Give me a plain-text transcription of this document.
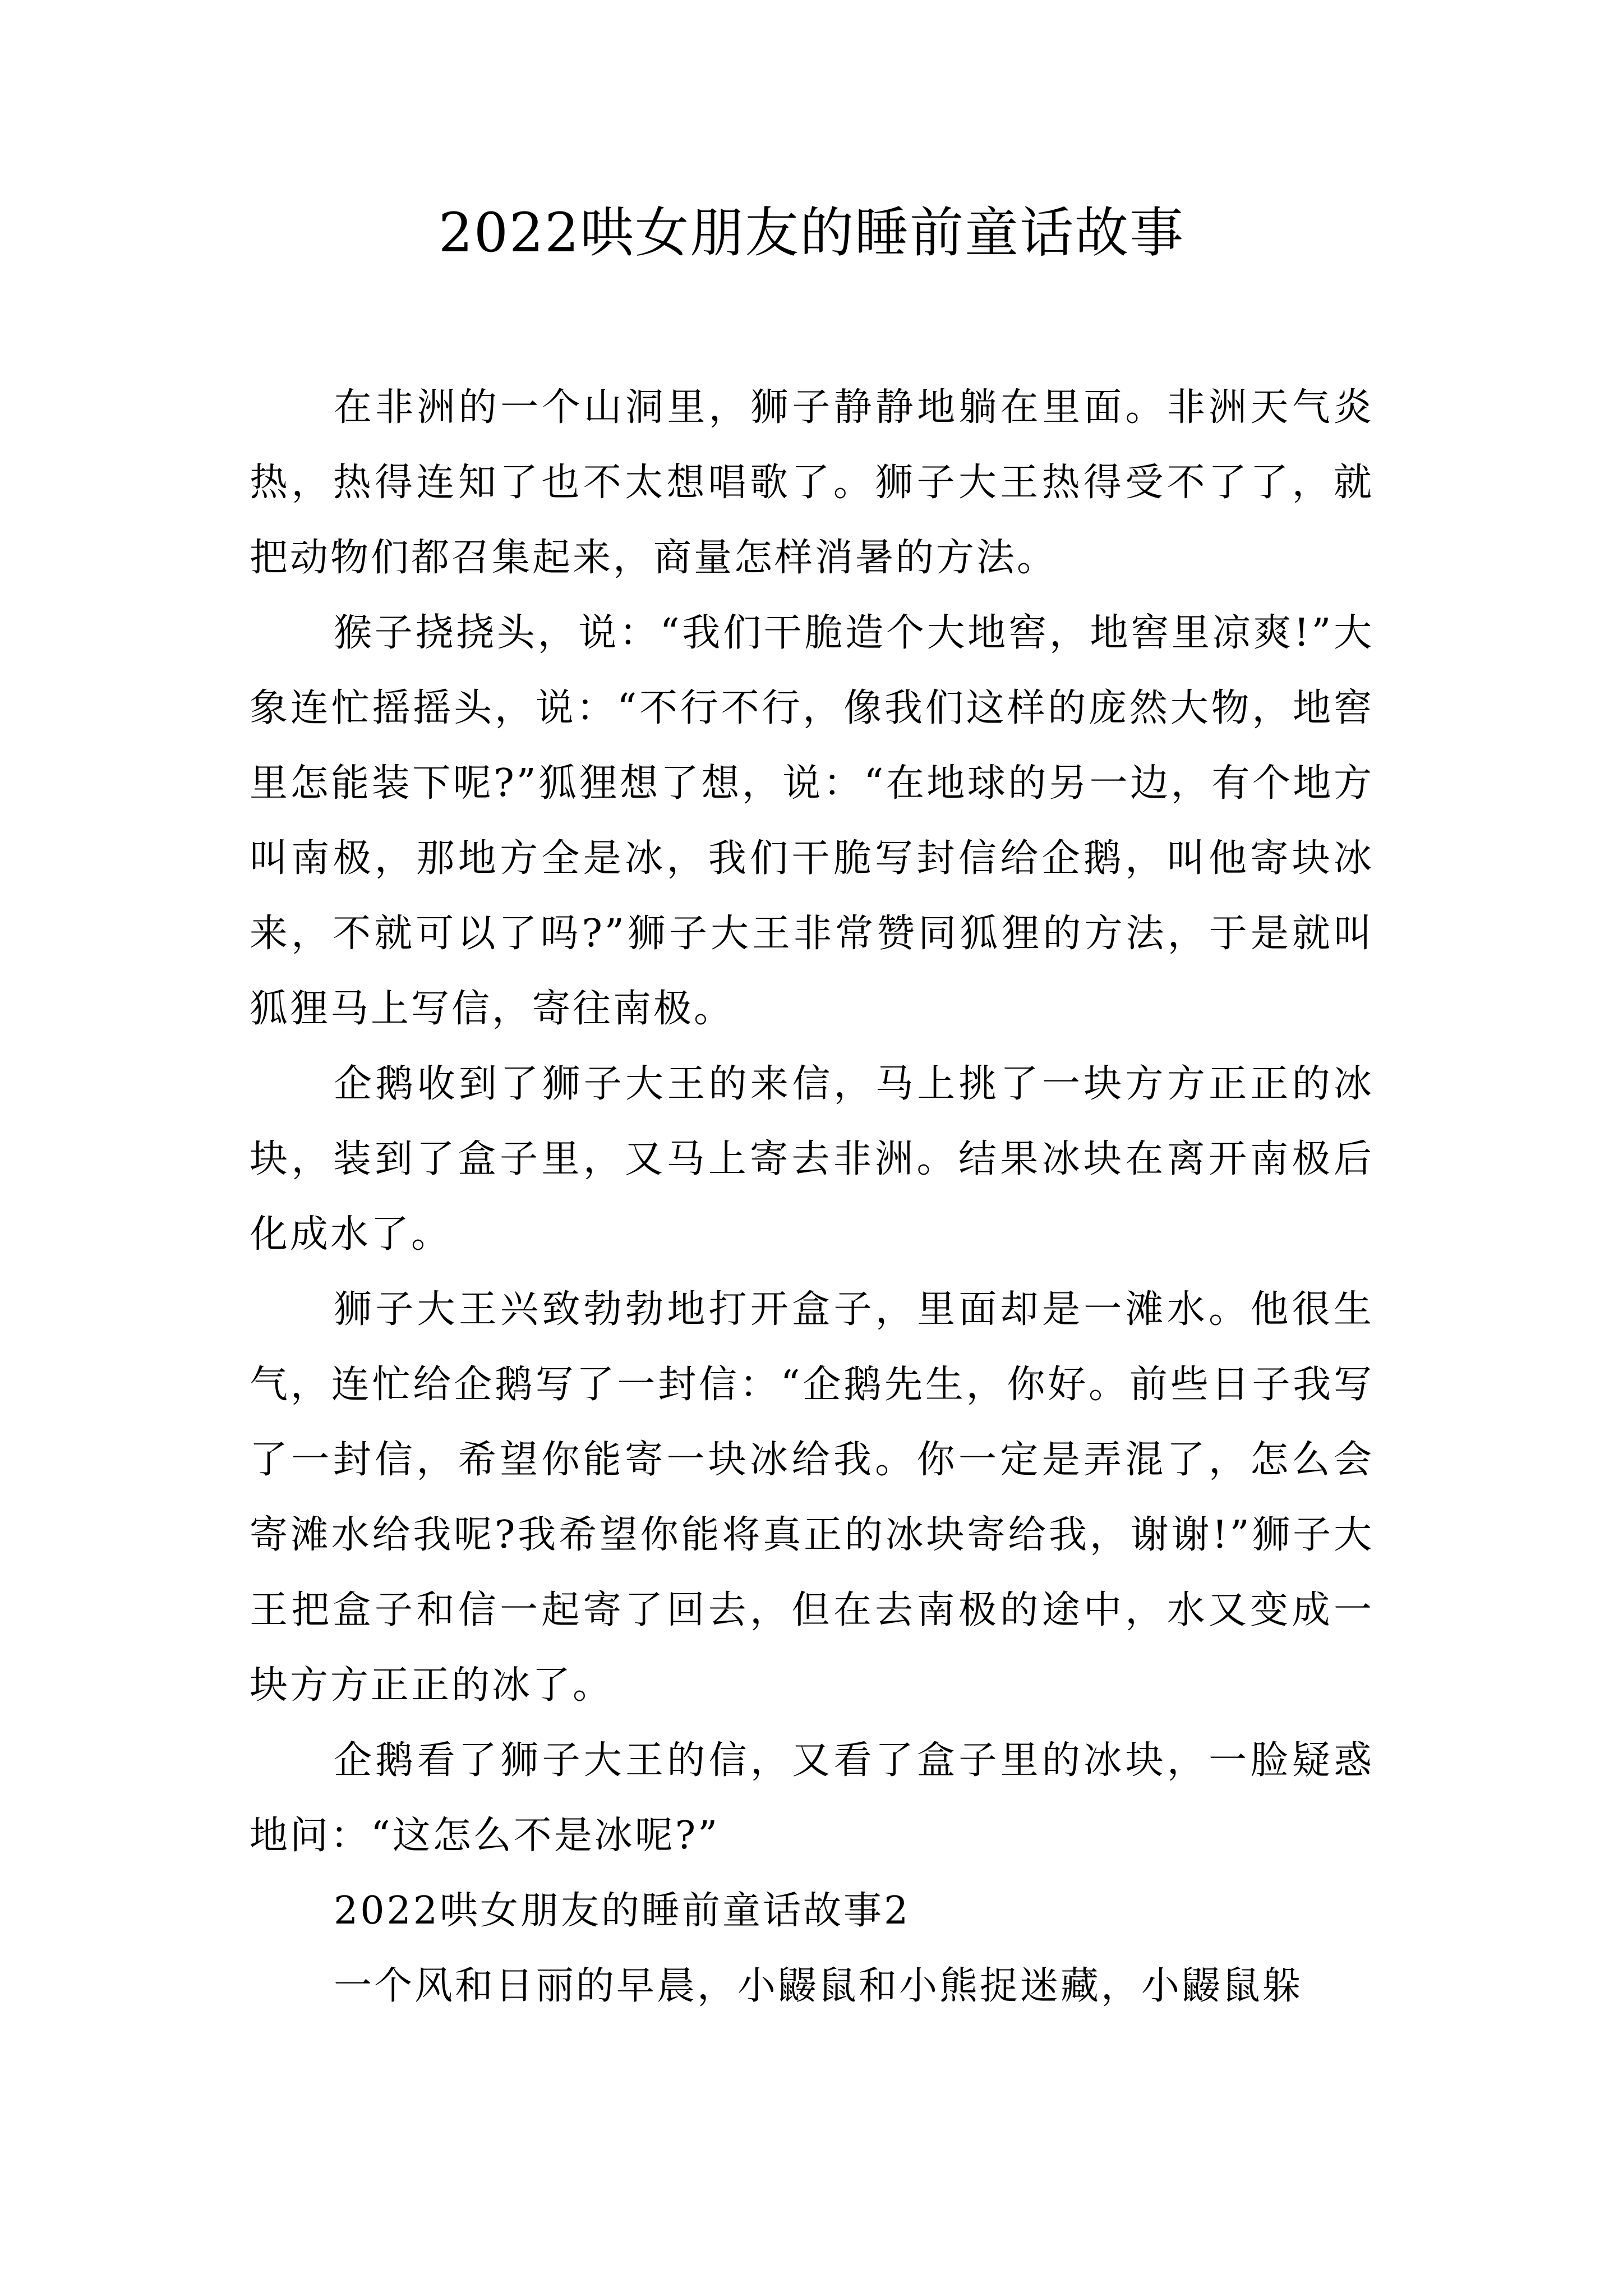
2022哄女朋友的睡前童话故事

在非洲的一个山洞里，狮子静静地躺在里面。非洲天气炎热，热得连知了也不太想唱歌了。狮子大王热得受不了了，就把动物们都召集起来，商量怎样消暑的方法。

猴子挠挠头，说：“我们干脆造个大地窖，地窖里凉爽!”大象连忙摇摇头，说：“不行不行，像我们这样的庞然大物，地窖里怎能装下呢?”狐狸想了想，说：“在地球的另一边，有个地方叫南极，那地方全是冰，我们干脆写封信给企鹅，叫他寄块冰来，不就可以了吗?”狮子大王非常赞同狐狸的方法，于是就叫狐狸马上写信，寄往南极。

企鹅收到了狮子大王的来信，马上挑了一块方方正正的冰块，装到了盒子里，又马上寄去非洲。结果冰块在离开南极后化成水了。

狮子大王兴致勃勃地打开盒子，里面却是一滩水。他很生气，连忙给企鹅写了一封信：“企鹅先生，你好。前些日子我写了一封信，希望你能寄一块冰给我。你一定是弄混了，怎么会寄滩水给我呢?我希望你能将真正的冰块寄给我，谢谢!”狮子大王把盒子和信一起寄了回去，但在去南极的途中，水又变成一块方方正正的冰了。

企鹅看了狮子大王的信，又看了盒子里的冰块，一脸疑惑地问：“这怎么不是冰呢?”

2022哄女朋友的睡前童话故事2

一个风和日丽的早晨，小鼹鼠和小熊捉迷藏，小鼹鼠躲
